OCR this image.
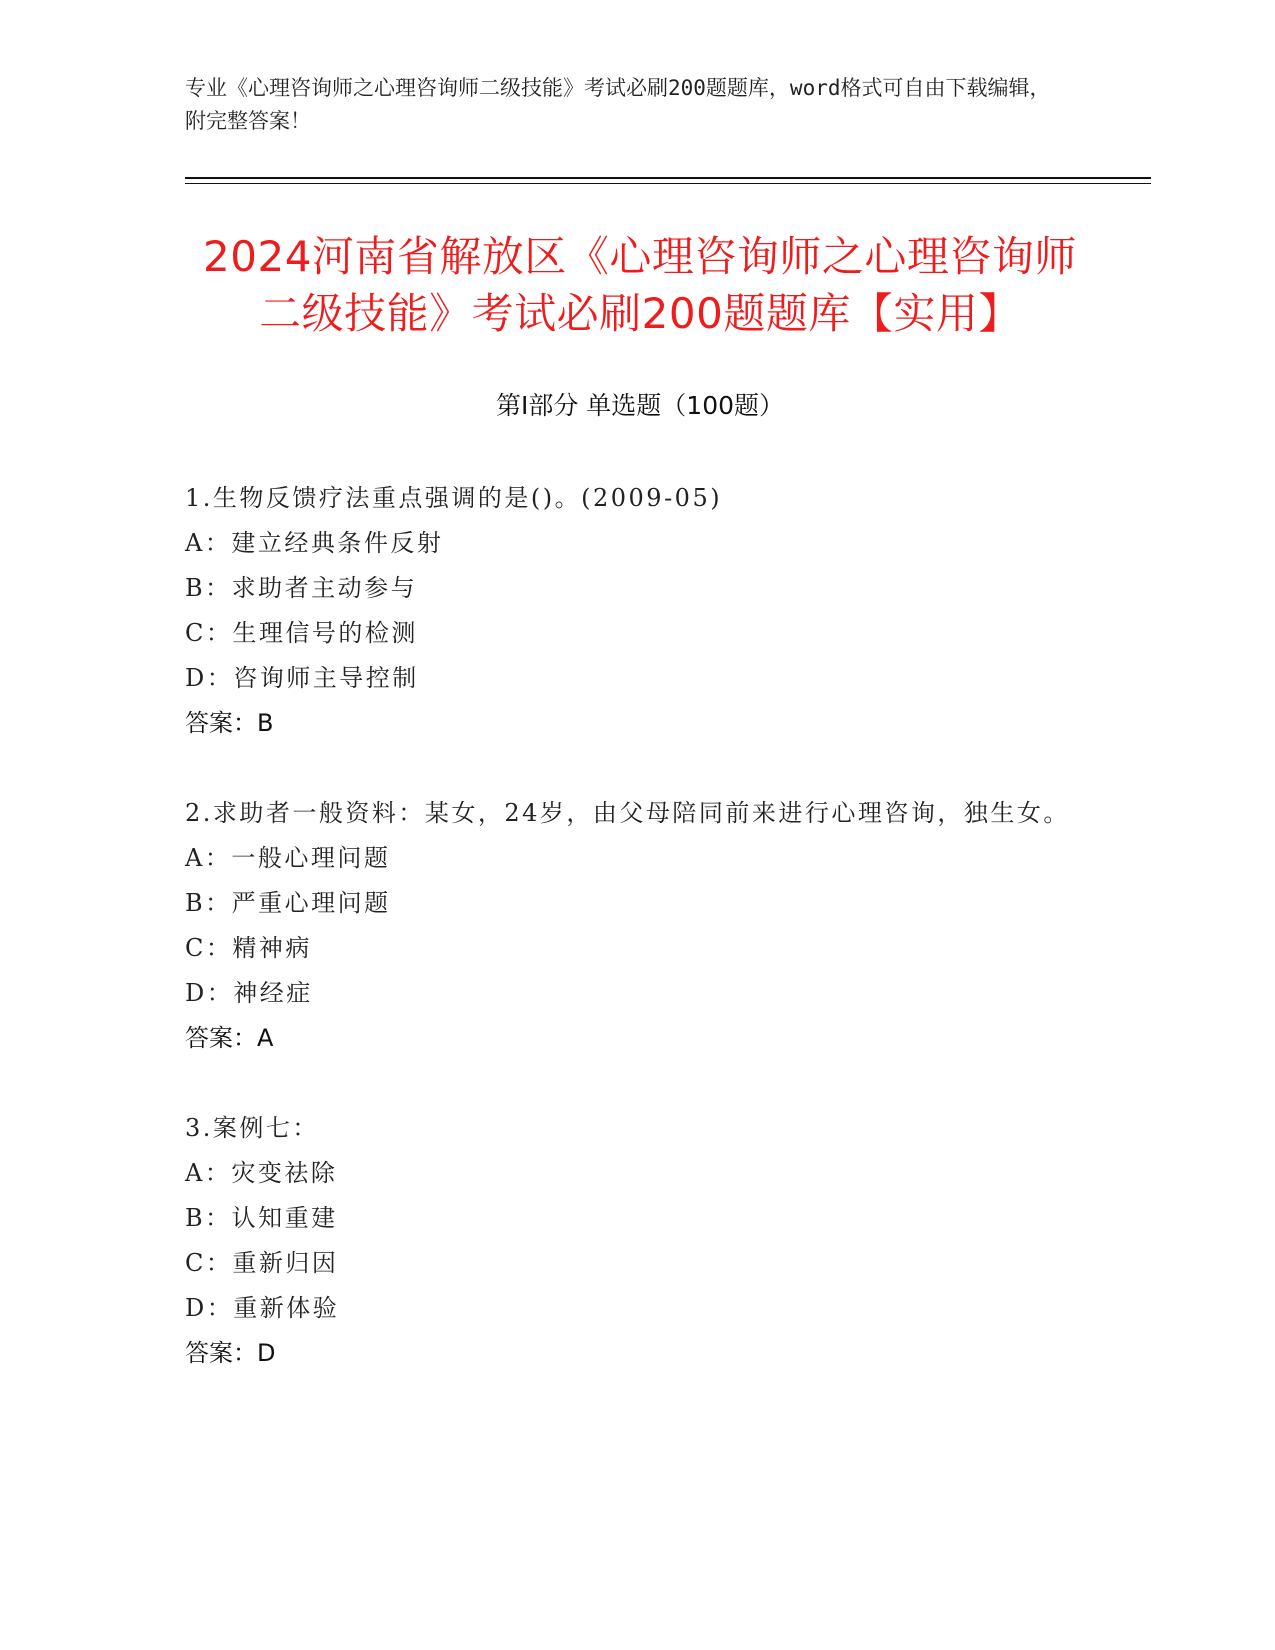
专业《心理咨询师之心理咨询师二级技能》考试必刷200题题库，word格式可自由下载编辑，附完整答案！
2024河南省解放区《心理咨询师之心理咨询师二级技能》考试必刷200题题库【实用】
第I部分 单选题（100题）
1.生物反馈疗法重点强调的是()。(2009-05)
A：建立经典条件反射
B：求助者主动参与
C：生理信号的检测
D：咨询师主导控制
答案：B
2.求助者一般资料：某女，24岁，由父母陪同前来进行心理咨询，独生女。
A：一般心理问题
B：严重心理问题
C：精神病
D：神经症
答案：A
3.案例七：
A：灾变祛除
B：认知重建
C：重新归因
D：重新体验
答案：D
